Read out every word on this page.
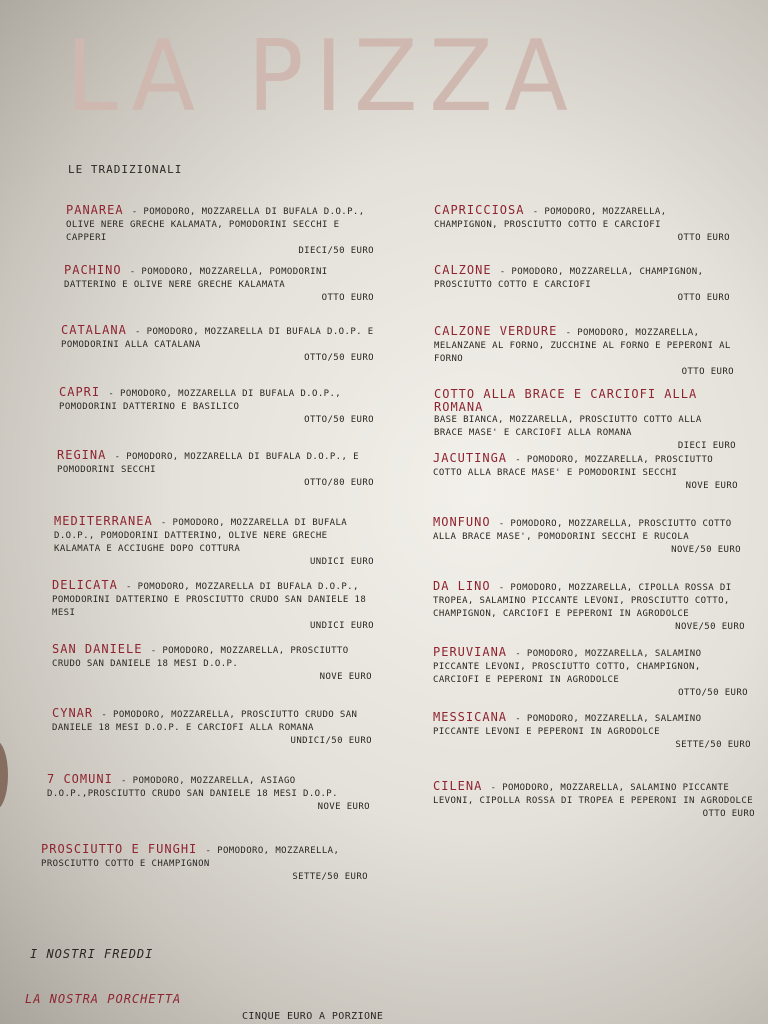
LA PIZZA
LE TRADIZIONALI
PANAREA - POMODORO, MOZZARELLA DI BUFALA D.O.P., OLIVE NERE GRECHE KALAMATA, POMODORINI SECCHI E CAPPERI
DIECI/50 EURO
PACHINO - POMODORO, MOZZARELLA, POMODORINI DATTERINO E OLIVE NERE GRECHE KALAMATA
OTTO EURO
CATALANA - POMODORO, MOZZARELLA DI BUFALA D.O.P. E POMODORINI ALLA CATALANA
OTTO/50 EURO
CAPRI - POMODORO, MOZZARELLA DI BUFALA D.O.P., POMODORINI DATTERINO E BASILICO
OTTO/50 EURO
REGINA - POMODORO, MOZZARELLA DI BUFALA D.O.P., E POMODORINI SECCHI
OTTO/80 EURO
MEDITERRANEA - POMODORO, MOZZARELLA DI BUFALA D.O.P., POMODORINI DATTERINO, OLIVE NERE GRECHE KALAMATA E ACCIUGHE DOPO COTTURA
UNDICI EURO
DELICATA - POMODORO, MOZZARELLA DI BUFALA D.O.P., POMODORINI DATTERINO E PROSCIUTTO CRUDO SAN DANIELE 18 MESI
UNDICI EURO
SAN DANIELE - POMODORO, MOZZARELLA, PROSCIUTTO CRUDO SAN DANIELE 18 MESI D.O.P.
NOVE EURO
CYNAR - POMODORO, MOZZARELLA, PROSCIUTTO CRUDO SAN DANIELE 18 MESI D.O.P. E CARCIOFI ALLA ROMANA
UNDICI/50 EURO
7 COMUNI - POMODORO, MOZZARELLA, ASIAGO D.O.P.,PROSCIUTTO CRUDO SAN DANIELE 18 MESI D.O.P.
NOVE EURO
PROSCIUTTO E FUNGHI - POMODORO, MOZZARELLA, PROSCIUTTO COTTO E CHAMPIGNON
SETTE/50 EURO
CAPRICCIOSA - POMODORO, MOZZARELLA, CHAMPIGNON, PROSCIUTTO COTTO E CARCIOFI
OTTO EURO
CALZONE - POMODORO, MOZZARELLA, CHAMPIGNON, PROSCIUTTO COTTO E CARCIOFI
OTTO EURO
CALZONE VERDURE - POMODORO, MOZZARELLA, MELANZANE AL FORNO, ZUCCHINE AL FORNO E PEPERONI AL FORNO
OTTO EURO
COTTO ALLA BRACE E CARCIOFI ALLA ROMANA
BASE BIANCA, MOZZARELLA, PROSCIUTTO COTTO ALLA BRACE MASE' E CARCIOFI ALLA ROMANA
DIECI EURO
JACUTINGA - POMODORO, MOZZARELLA, PROSCIUTTO COTTO ALLA BRACE MASE' E POMODORINI SECCHI
NOVE EURO
MONFUNO - POMODORO, MOZZARELLA, PROSCIUTTO COTTO ALLA BRACE MASE', POMODORINI SECCHI E RUCOLA
NOVE/50 EURO
DA LINO - POMODORO, MOZZARELLA, CIPOLLA ROSSA DI TROPEA, SALAMINO PICCANTE LEVONI, PROSCIUTTO COTTO, CHAMPIGNON, CARCIOFI E PEPERONI IN AGRODOLCE
NOVE/50 EURO
PERUVIANA - POMODORO, MOZZARELLA, SALAMINO PICCANTE LEVONI, PROSCIUTTO COTTO, CHAMPIGNON, CARCIOFI E PEPERONI IN AGRODOLCE
OTTO/50 EURO
MESSICANA - POMODORO, MOZZARELLA, SALAMINO PICCANTE LEVONI E PEPERONI IN AGRODOLCE
SETTE/50 EURO
CILENA - POMODORO, MOZZARELLA, SALAMINO PICCANTE LEVONI, CIPOLLA ROSSA DI TROPEA E PEPERONI IN AGRODOLCE
OTTO EURO
I NOSTRI FREDDI
LA NOSTRA PORCHETTA
CINQUE EURO A PORZIONE
